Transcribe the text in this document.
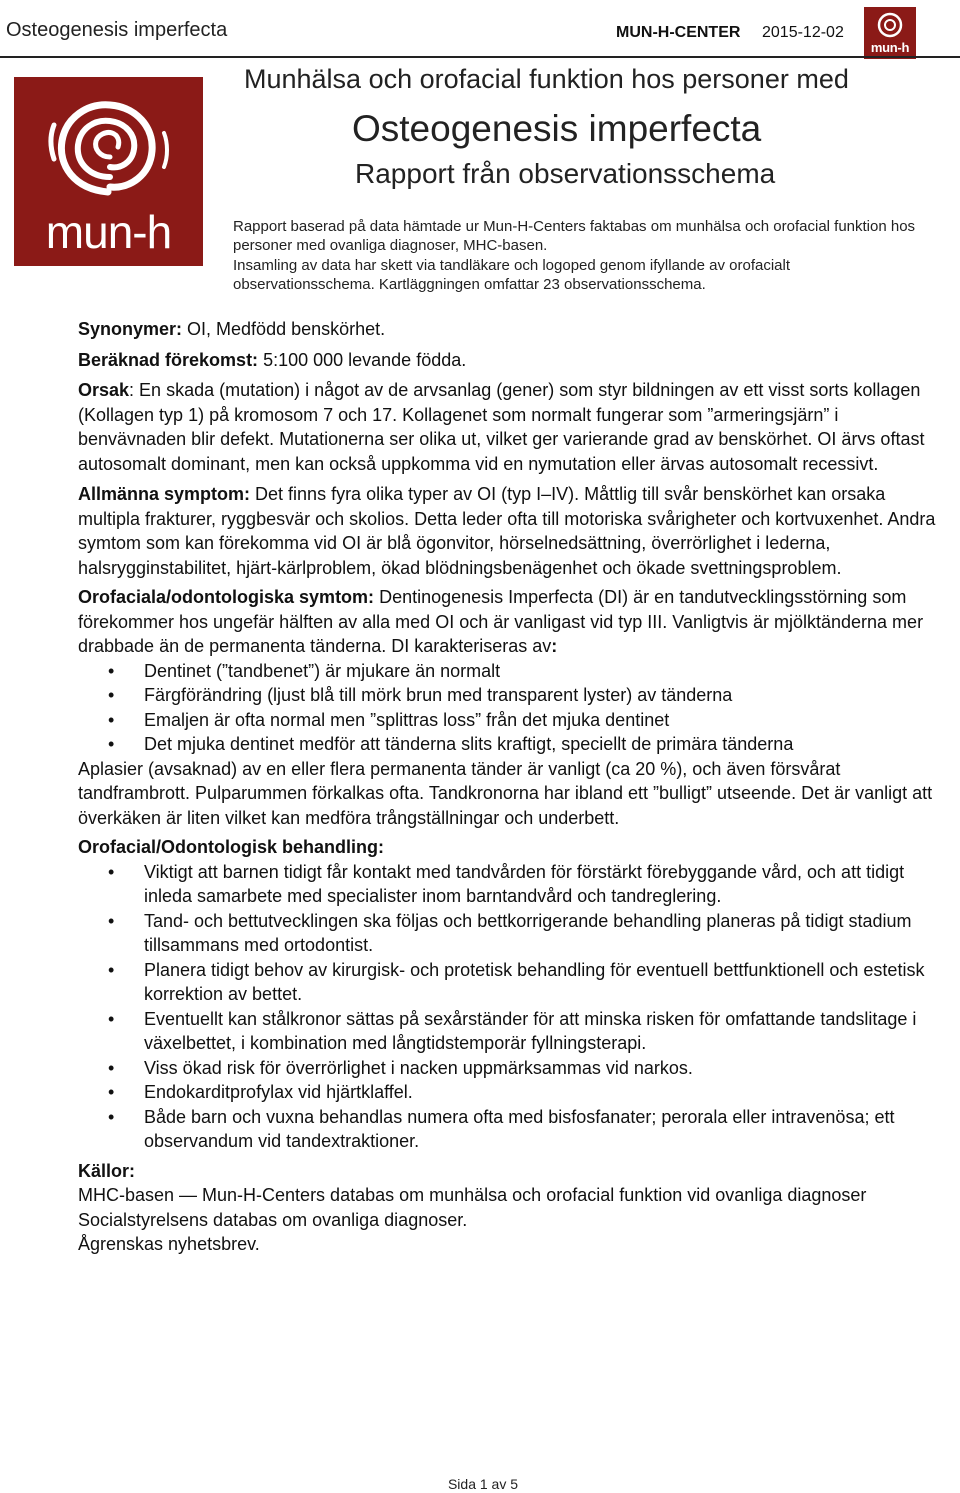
Osteogenesis imperfecta	MUN-H-CENTER 2015-12-02
mun-h
mun-h
Munhälsa och orofacial funktion hos personer med
Osteogenesis imperfecta
Rapport från observationsschema

Rapport baserad på data hämtade ur Mun-H-Centers faktabas om munhälsa och orofacial funktion hos personer med ovanliga diagnoser, MHC-basen.

Insamling av data har skett via tandläkare och logoped genom ifyllande av orofacialt observationsschema. Kartläggningen omfattar 23 observationsschema.

Synonymer: OI, Medfödd benskörhet.

Beräknad förekomst: 5:100 000 levande födda.

Orsak: En skada (mutation) i något av de arvsanlag (gener) som styr bildningen av ett visst sorts kollagen (Kollagen typ 1) på kromosom 7 och 17. Kollagenet som normalt fungerar som ”armeringsjärn” i benvävnaden blir defekt. Mutationerna ser olika ut, vilket ger varierande grad av benskörhet. OI ärvs oftast autosomalt dominant, men kan också uppkomma vid en nymutation eller ärvas autosomalt recessivt.

Allmänna symptom: Det finns fyra olika typer av OI (typ I–IV). Måttlig till svår benskörhet kan orsaka multipla frakturer, ryggbesvär och skolios. Detta leder ofta till motoriska svårigheter och kortvuxenhet. Andra symtom som kan förekomma vid OI är blå ögonvitor, hörselnedsättning, överrörlighet i lederna, halsrygginstabilitet, hjärt-kärlproblem, ökad blödningsbenägenhet och ökade svettningsproblem.

Orofaciala/odontologiska symtom: Dentinogenesis Imperfecta (DI) är en tandutvecklingsstörning som förekommer hos ungefär hälften av alla med OI och är vanligast vid typ III. Vanligtvis är mjölktänderna mer drabbade än de permanenta tänderna. DI karakteriseras av:

• Dentinet (”tandbenet”) är mjukare än normalt
• Färgförändring (ljust blå till mörk brun med transparent lyster) av tänderna
• Emaljen är ofta normal men ”splittras loss” från det mjuka dentinet
• Det mjuka dentinet medför att tänderna slits kraftigt, speciellt de primära tänderna

Aplasier (avsaknad) av en eller flera permanenta tänder är vanligt (ca 20 %), och även försvårat tandframbrott. Pulparummen förkalkas ofta. Tandkronorna har ibland ett ”bulligt” utseende. Det är vanligt att överkäken är liten vilket kan medföra trångställningar och underbett.

Orofacial/Odontologisk behandling:

• Viktigt att barnen tidigt får kontakt med tandvården för förstärkt förebyggande vård, och att tidigt inleda samarbete med specialister inom barntandvård och tandreglering.
• Tand- och bettutvecklingen ska följas och bettkorrigerande behandling planeras på tidigt stadium tillsammans med ortodontist.
• Planera tidigt behov av kirurgisk- och protetisk behandling för eventuell bettfunktionell och estetisk korrektion av bettet.
• Eventuellt kan stålkronor sättas på sexårständer för att minska risken för omfattande tandslitage i växelbettet, i kombination med långtidstemporär fyllningsterapi.
• Viss ökad risk för överrörlighet i nacken uppmärksammas vid narkos.
• Endokarditprofylax vid hjärtklaffel.
• Både barn och vuxna behandlas numera ofta med bisfosfanater; perorala eller intravenösa; ett observandum vid tandextraktioner.

Källor:

MHC-basen — Mun-H-Centers databas om munhälsa och orofacial funktion vid ovanliga diagnoser

Socialstyrelsens databas om ovanliga diagnoser.

Ågrenskas nyhetsbrev.

Sida 1 av 5
